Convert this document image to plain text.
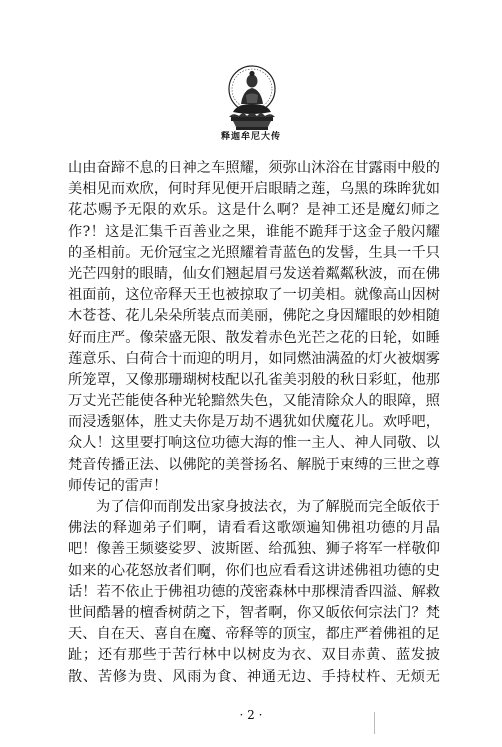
释迦牟尼大传
山由奋蹄不息的日神之车照耀，须弥山沐浴在甘露雨中般的
美相见而欢欣，何时拜见便开启眼睛之莲，乌黑的珠眸犹如
花芯赐予无限的欢乐。这是什么啊？是神工还是魔幻师之
作?！这是汇集千百善业之果，谁能不跪拜于这金子般闪耀
的圣相前。无价冠宝之光照耀着青蓝色的发髻，生具一千只
光芒四射的眼睛，仙女们翘起眉弓发送着粼粼秋波，而在佛
祖面前，这位帝释天王也被掠取了一切美相。就像高山因树
木苍苍、花儿朵朵所装点而美丽，佛陀之身因耀眼的妙相随
好而庄严。像荣盛无限、散发着赤色光芒之花的日轮，如睡
莲意乐、白荷合十而迎的明月，如同燃油满盈的灯火被烟雾
所笼罩，又像那珊瑚树枝配以孔雀美羽般的秋日彩虹，他那
万丈光芒能使各种光轮黯然失色，又能清除众人的眼障，照
而浸透躯体，胜丈夫你是万劫不遇犹如伏魔花儿。欢呼吧，
众人！这里要打响这位功德大海的惟一主人、神人同敬、以
梵音传播正法、以佛陀的美誉扬名、解脱于束缚的三世之尊
师传记的雷声！
为了信仰而削发出家身披法衣，为了解脱而完全皈依于
佛法的释迦弟子们啊，请看看这歌颂遍知佛祖功德的月晶
吧！像善王频婆娑罗、波斯匿、给孤独、狮子将军一样敬仰
如来的心花怒放者们啊，你们也应看看这讲述佛祖功德的史
话！若不依止于佛祖功德的茂密森林中那棵清香四溢、解救
世间酷暑的檀香树荫之下，智者啊，你又皈依何宗法门？梵
天、自在天、喜自在魔、帝释等的顶宝，都庄严着佛祖的足
趾；还有那些于苦行林中以树皮为衣、双目赤黄、蓝发披
散、苦修为贵、风雨为食、神通无边、手持杖杵、无烦无
· 2 ·
